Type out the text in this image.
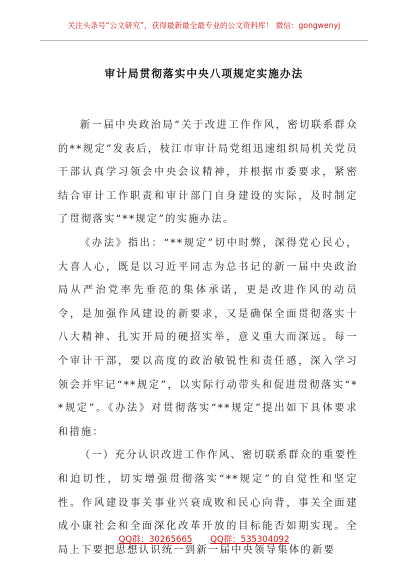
关注头条号“公文研究”，获得最新最全最专业的公文资料库！ 微信：gongwenyj
审计局贯彻落实中央八项规定实施办法

新一届中央政治局“关于改进工作作风，密切联系群众的**规定”发表后，枝江市审计局党组迅速组织局机关党员干部认真学习领会中央会议精神，并根据市委要求，紧密结合审计工作职责和审计部门自身建设的实际，及时制定了贯彻落实“**规定”的实施办法。

《办法》指出：“**规定”切中时弊，深得党心民心，大喜人心，既是以习近平同志为总书记的新一届中央政治局从严治党率先垂范的集体承诺，更是改进作风的动员令，是加强作风建设的新要求，又是确保全面贯彻落实十八大精神、扎实开局的硬招实举，意义重大而深远。每一个审计干部，要以高度的政治敏锐性和责任感，深入学习领会并牢记“**规定”，以实际行动带头和促进贯彻落实“**规定”。《办法》对贯彻落实“**规定”提出如下具体要求和措施：

（一）充分认识改进工作作风、密切联系群众的重要性和迫切性，切实增强贯彻落实“**规定”的自觉性和坚定性。作风建设事关事业兴衰成败和民心向背，事关全面建成小康社会和全面深化改革开放的目标能否如期实现。全局上下要把思想认识统一到新一届中央领导集体的新要

QQ群：30265665 QQ群：535304092
